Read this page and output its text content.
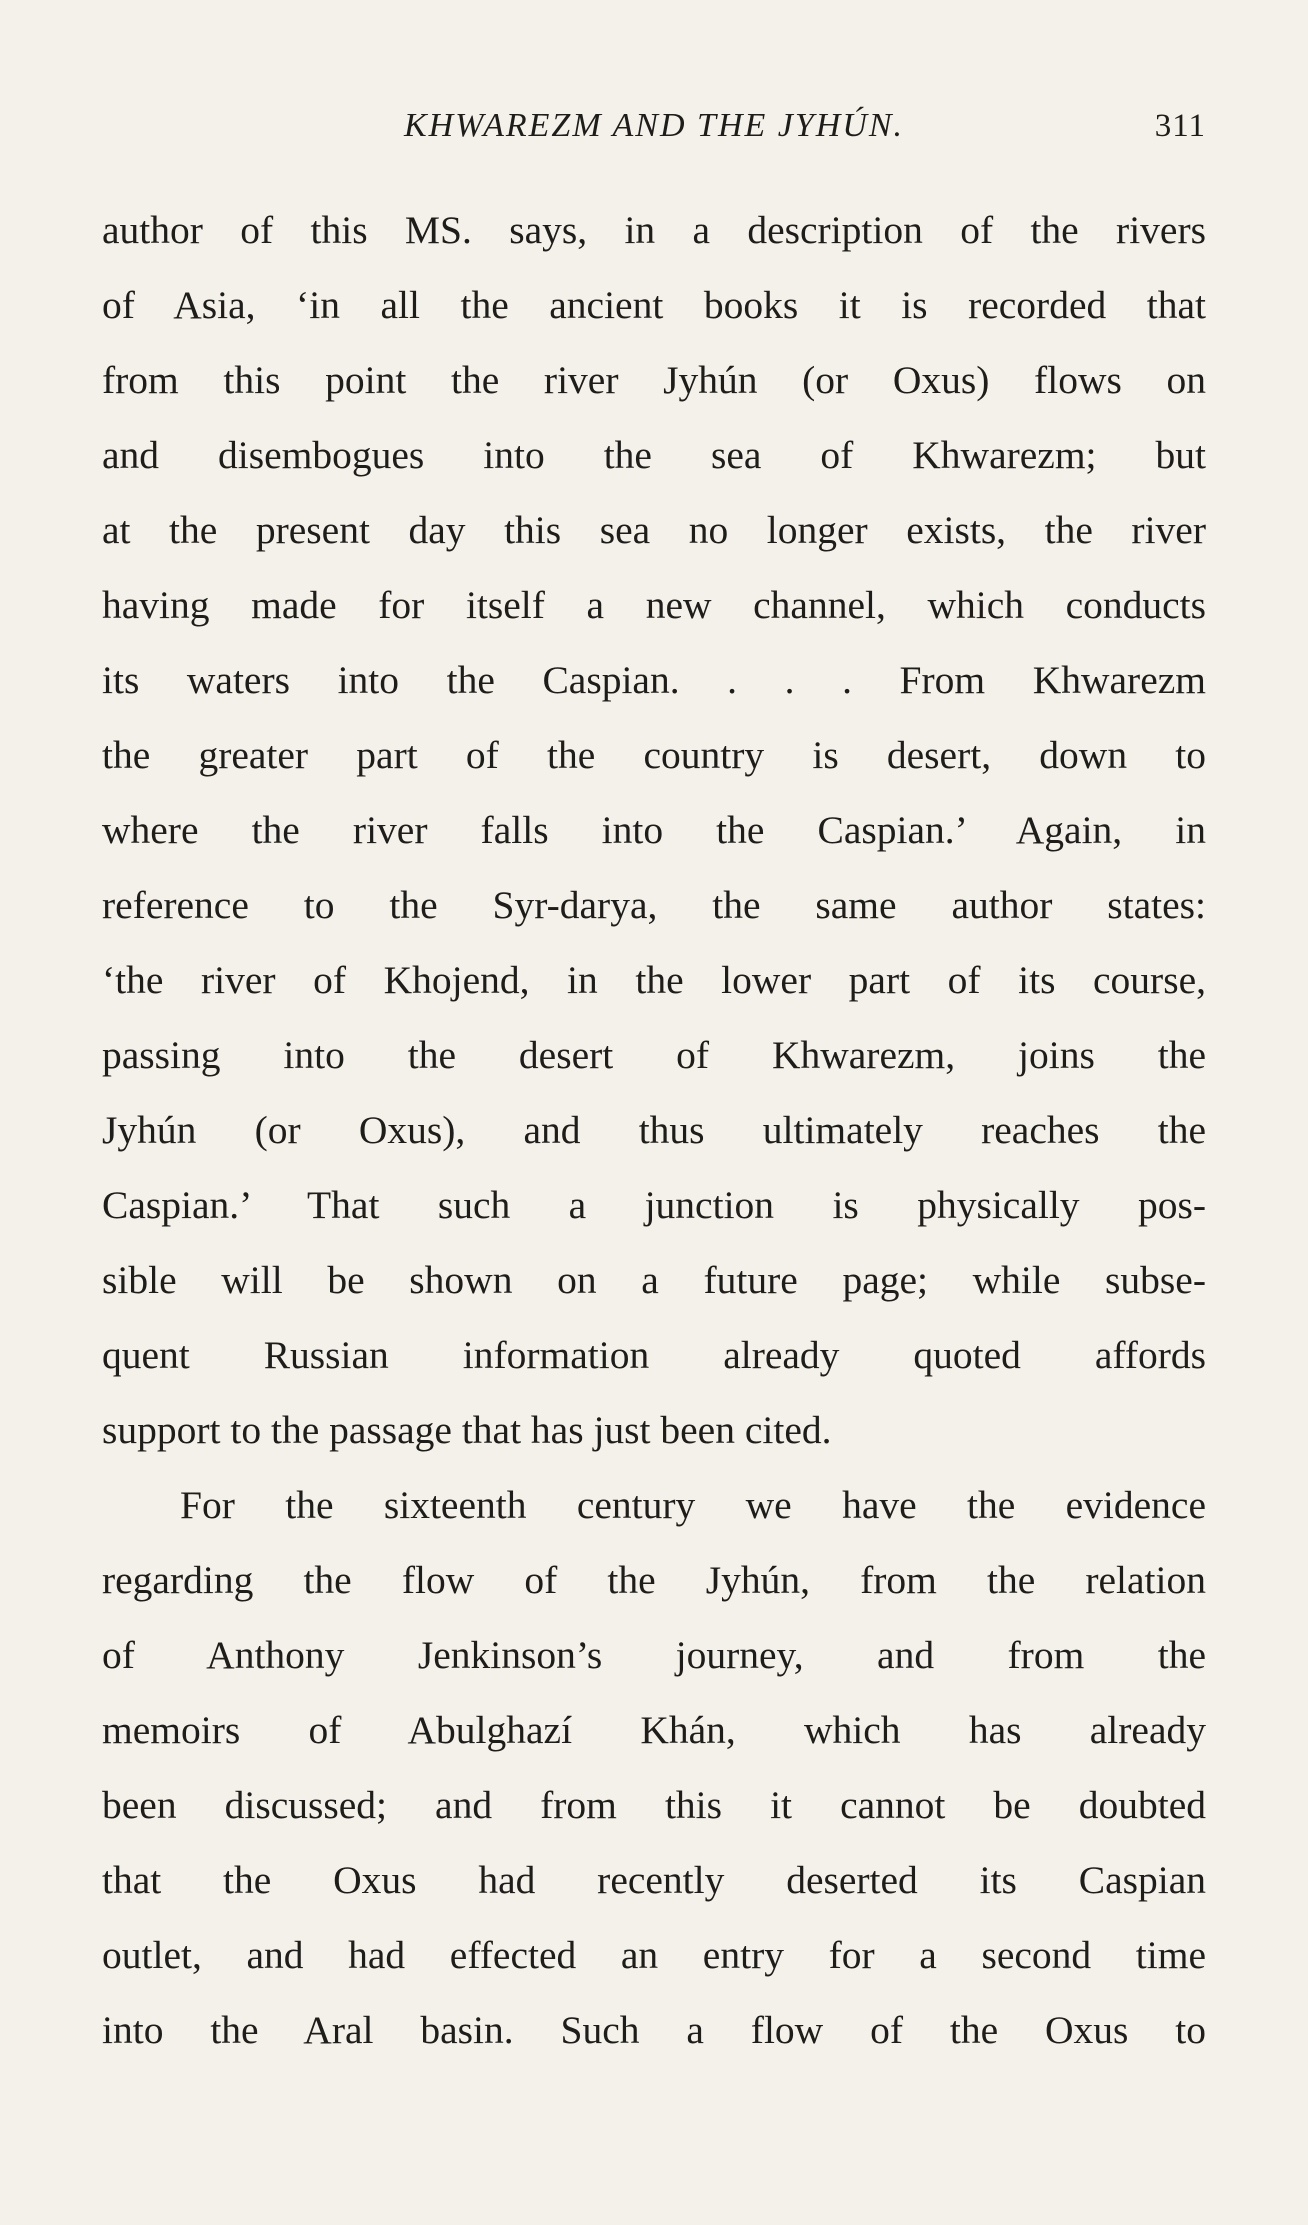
KHWAREZM AND THE JYHÚN.	311
author of this MS. says, in a description of the rivers
of Asia, ‘in all the ancient books it is recorded that
from this point the river Jyhún (or Oxus) flows on
and disembogues into the sea of Khwarezm; but
at the present day this sea no longer exists, the river
having made for itself a new channel, which conducts
its waters into the Caspian. . . . From Khwarezm
the greater part of the country is desert, down to
where the river falls into the Caspian.’ Again, in
reference to the Syr-darya, the same author states:
‘the river of Khojend, in the lower part of its course,
passing into the desert of Khwarezm, joins the
Jyhún (or Oxus), and thus ultimately reaches the
Caspian.’ That such a junction is physically pos-
sible will be shown on a future page; while subse-
quent Russian information already quoted affords
support to the passage that has just been cited.
For the sixteenth century we have the evidence
regarding the flow of the Jyhún, from the relation
of Anthony Jenkinson’s journey, and from the
memoirs of Abulghazí Khán, which has already
been discussed; and from this it cannot be doubted
that the Oxus had recently deserted its Caspian
outlet, and had effected an entry for a second time
into the Aral basin. Such a flow of the Oxus to
